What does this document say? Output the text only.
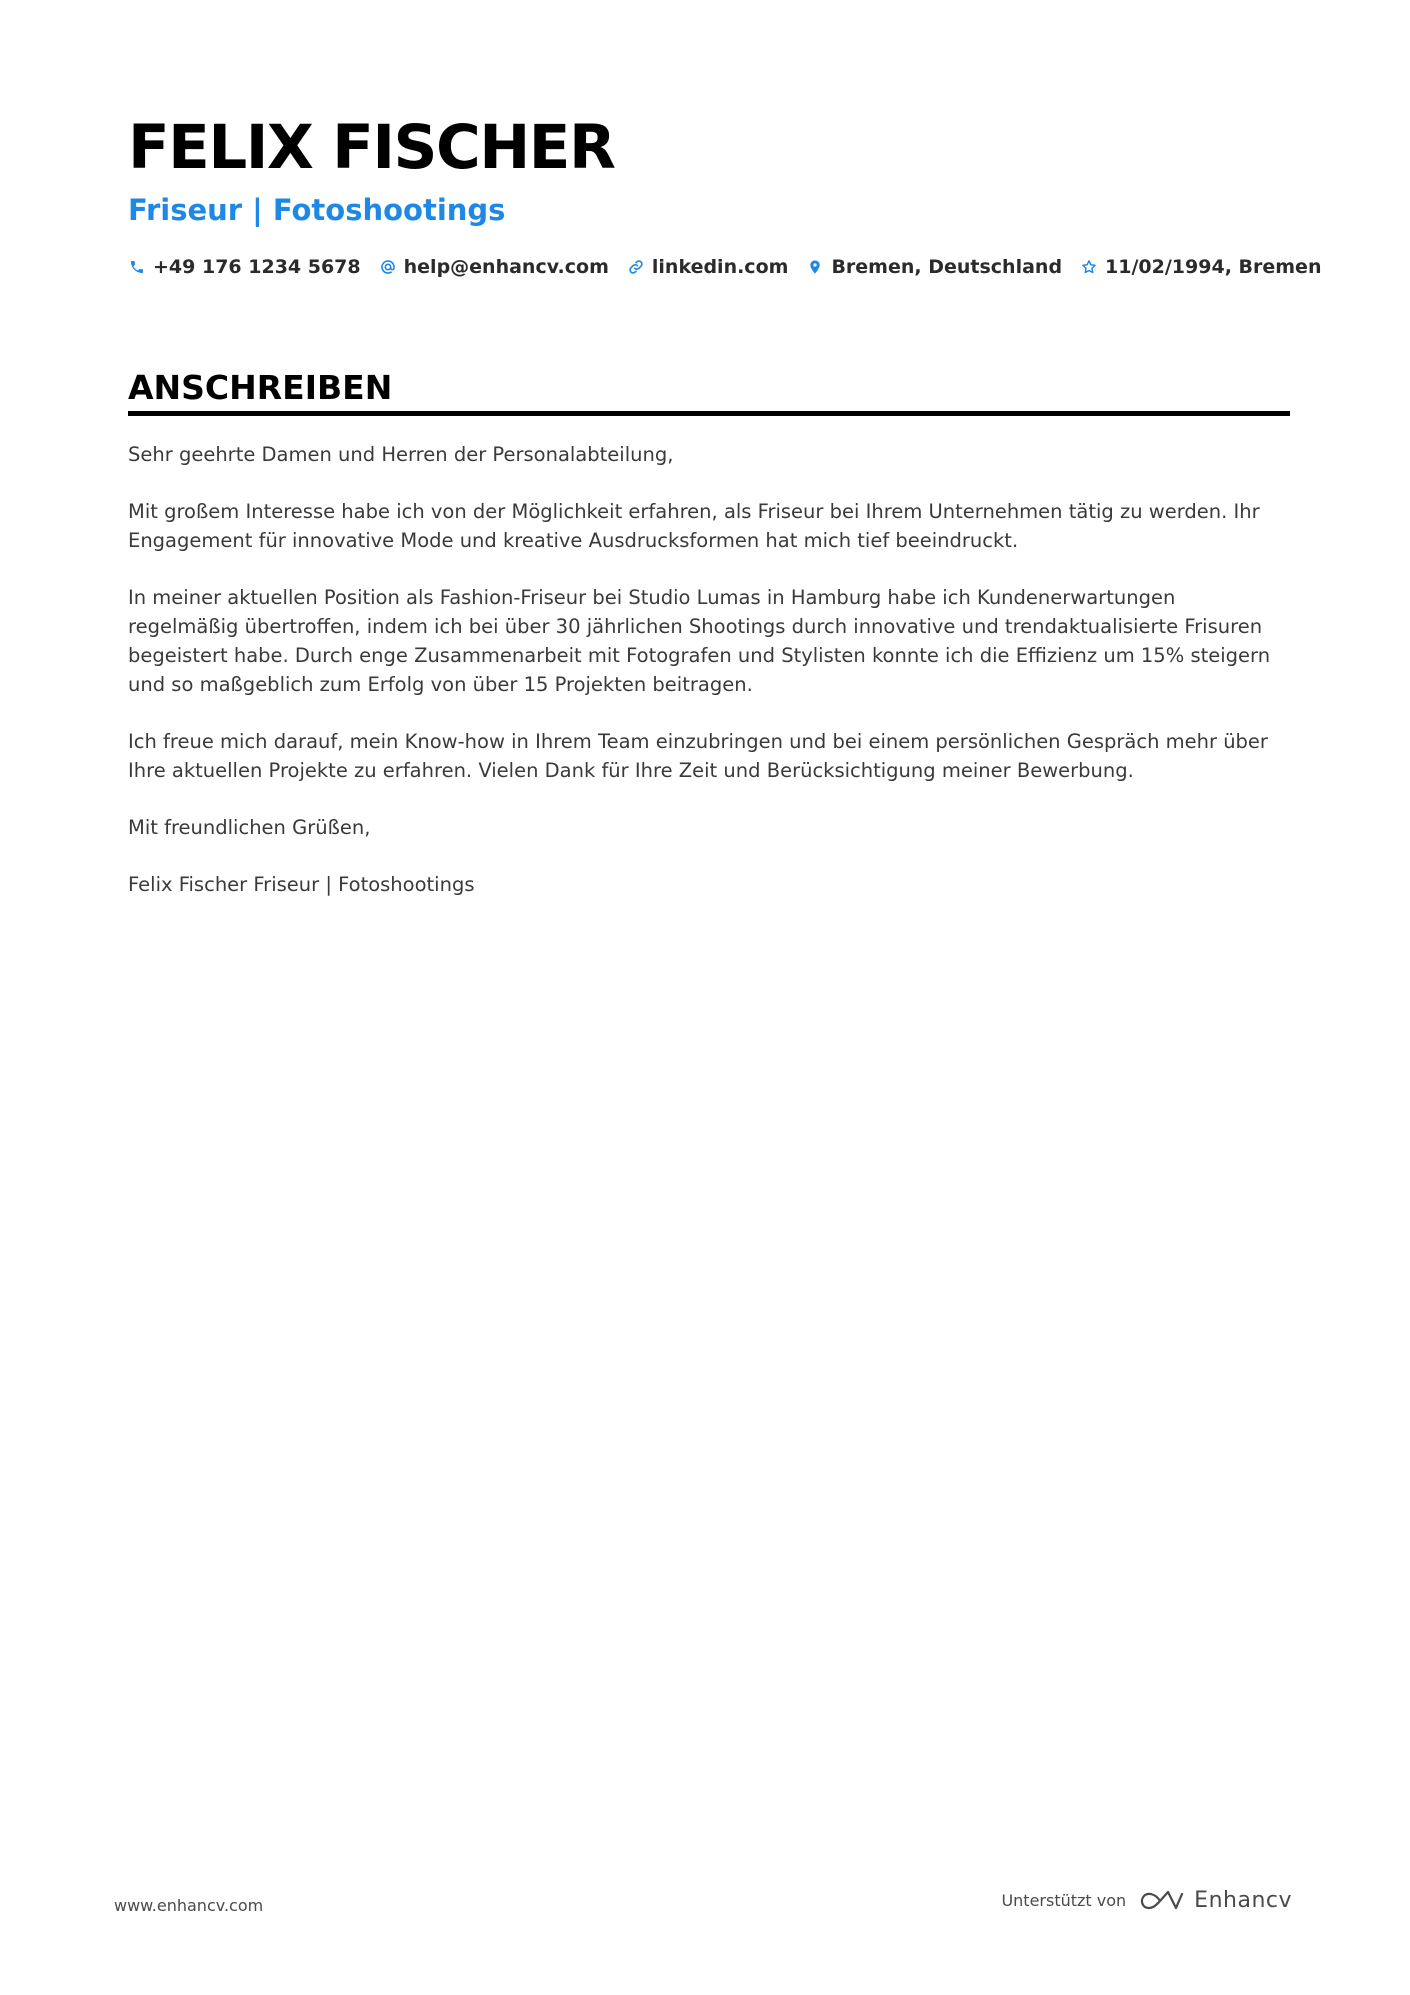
FELIX FISCHER
Friseur | Fotoshootings
+49 176 1234 5678 help@enhancv.com linkedin.com Bremen, Deutschland 11/02/1994, Bremen
ANSCHREIBEN

Sehr geehrte Damen und Herren der Personalabteilung,

Mit großem Interesse habe ich von der Möglichkeit erfahren, als Friseur bei Ihrem Unternehmen tätig zu werden. Ihr Engagement für innovative Mode und kreative Ausdrucksformen hat mich tief beeindruckt.

In meiner aktuellen Position als Fashion-Friseur bei Studio Lumas in Hamburg habe ich Kundenerwartungen regelmäßig übertroffen, indem ich bei über 30 jährlichen Shootings durch innovative und trendaktualisierte Frisuren begeistert habe. Durch enge Zusammenarbeit mit Fotografen und Stylisten konnte ich die Effizienz um 15% steigern und so maßgeblich zum Erfolg von über 15 Projekten beitragen.

Ich freue mich darauf, mein Know-how in Ihrem Team einzubringen und bei einem persönlichen Gespräch mehr über Ihre aktuellen Projekte zu erfahren. Vielen Dank für Ihre Zeit und Berücksichtigung meiner Bewerbung.

Mit freundlichen Grüßen,

Felix Fischer Friseur | Fotoshootings

www.enhancv.com	Unterstützt von	Enhancv
